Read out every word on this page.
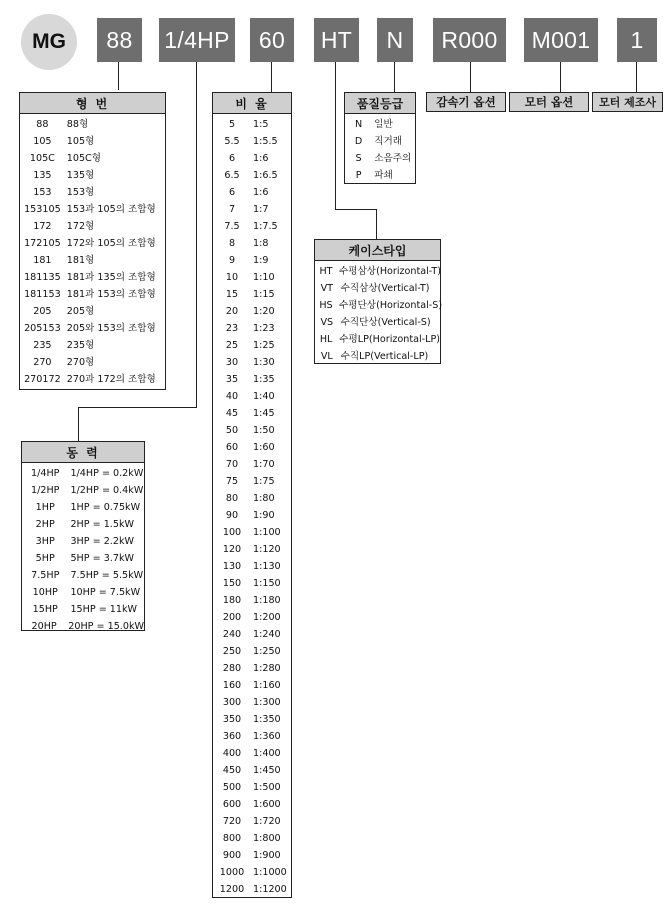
MG	88	1/4HP	60	HT	N	R000	M001	1
형 번
88	88형
105	105형
105C	105C형
135	135형
153	153형
153105 153과 105의 조합형
172	172형
172105 172와 105의 조합형
181	181형
181135 181과 135의 조합형
181153 181과 153의 조합형
205	205형
205153 205와 153의 조합형
235	235형
270	270형
270172 270과 172의 조합형
동 력
1/4HP	1/4HP = 0.2kW
1/2HP	1/2HP = 0.4kW
1HP	1HP = 0.75kW
2HP	2HP = 1.5kW
3HP	3HP = 2.2kW
5HP	5HP = 3.7kW
7.5HP	7.5HP = 5.5kW
10HP	10HP = 7.5kW
15HP	15HP = 11kW
20HP	20HP = 15.0kW
비 율
5	1:5
5.5	1:5.5
6	1:6
6.5	1:6.5
6	1:6
7	1:7
7.5	1:7.5
8	1:8
9	1:9
10	1:10
15	1:15
20	1:20
23	1:23
25	1:25
30	1:30
35	1:35
40	1:40
45	1:45
50	1:50
60	1:60
70	1:70
75	1:75
80	1:80
90	1:90
100	1:100
120	1:120
130	1:130
150	1:150
180	1:180
200	1:200
240	1:240
250	1:250
280	1:280
160	1:160
300	1:300
350	1:350
360	1:360
400	1:400
450	1:450
500	1:500
600	1:600
720	1:720
800	1:800
900	1:900
1000 1:1000
1200 1:1200
품질등급
N	일반
D	직거래
S	소음주의
P	파쇄
케이스타입
HT 수평삼상(Horizontal-T)
VT 수직삼상(Vertical-T)
HS 수평단상(Horizontal-S)
VS 수직단상(Vertical-S)
HL 수평LP(Horizontal-LP)
VL 수직LP(Vertical-LP)
감속기 옵션	모터 옵션	모터 제조사
